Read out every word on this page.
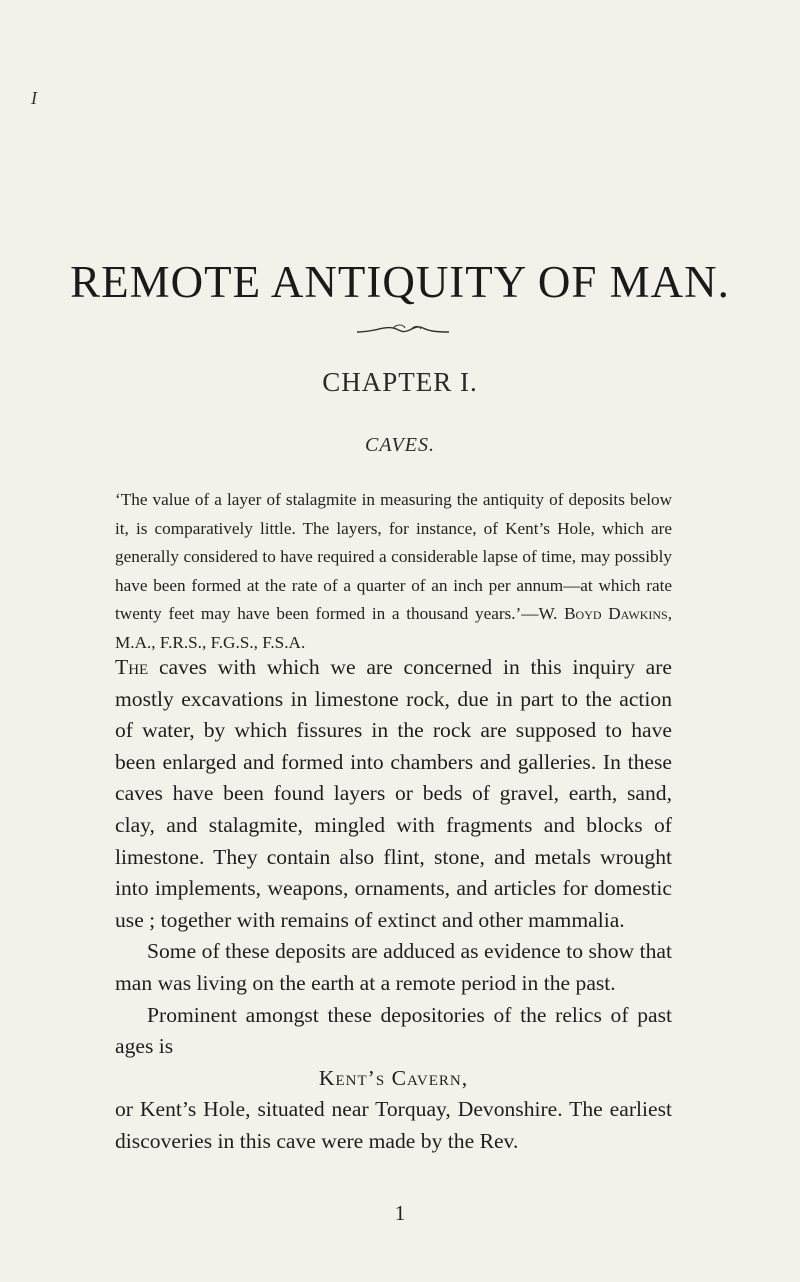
I
REMOTE ANTIQUITY OF MAN.
CHAPTER I.
CAVES.
‘The value of a layer of stalagmite in measuring the antiquity of deposits below it, is comparatively little. The layers, for instance, of Kent’s Hole, which are generally considered to have required a considerable lapse of time, may possibly have been formed at the rate of a quarter of an inch per annum—at which rate twenty feet may have been formed in a thousand years.’—W. Boyd Dawkins, M.A., F.R.S., F.G.S., F.S.A.

The caves with which we are concerned in this inquiry are mostly excavations in limestone rock, due in part to the action of water, by which fissures in the rock are supposed to have been enlarged and formed into chambers and galleries. In these caves have been found layers or beds of gravel, earth, sand, clay, and stalagmite, mingled with fragments and blocks of limestone. They contain also flint, stone, and metals wrought into implements, weapons, ornaments, and articles for domestic use ; together with remains of extinct and other mammalia.

Some of these deposits are adduced as evidence to show that man was living on the earth at a remote period in the past.

Prominent amongst these depositories of the relics of past ages is

Kent’s Cavern,

or Kent’s Hole, situated near Torquay, Devonshire. The earliest discoveries in this cave were made by the Rev.

1
